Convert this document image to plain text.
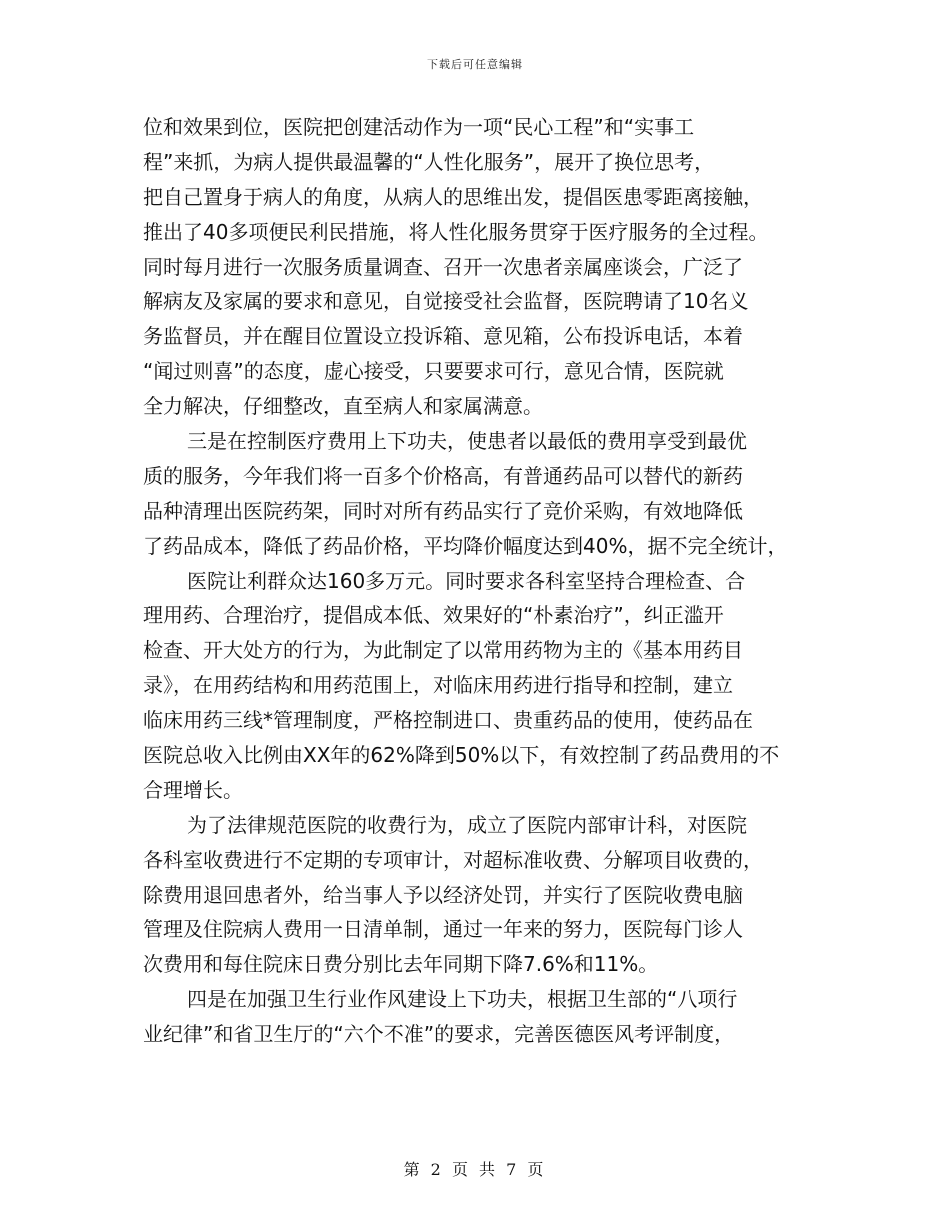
下载后可任意编辑
位和效果到位，医院把创建活动作为一项“民心工程”和“实事工
程”来抓，为病人提供最温馨的“人性化服务”，展开了换位思考，
把自己置身于病人的角度，从病人的思维出发，提倡医患零距离接触，
推出了40多项便民利民措施，将人性化服务贯穿于医疗服务的全过程。
同时每月进行一次服务质量调查、召开一次患者亲属座谈会，广泛了
解病友及家属的要求和意见，自觉接受社会监督，医院聘请了10名义
务监督员，并在醒目位置设立投诉箱、意见箱，公布投诉电话，本着
“闻过则喜”的态度，虚心接受，只要要求可行，意见合情，医院就
全力解决，仔细整改，直至病人和家属满意。
三是在控制医疗费用上下功夫，使患者以最低的费用享受到最优
质的服务，今年我们将一百多个价格高，有普通药品可以替代的新药
品种清理出医院药架，同时对所有药品实行了竞价采购，有效地降低
了药品成本，降低了药品价格，平均降价幅度达到40%，据不完全统计，
医院让利群众达160多万元。同时要求各科室坚持合理检查、合
理用药、合理治疗，提倡成本低、效果好的“朴素治疗”，纠正滥开
检查、开大处方的行为，为此制定了以常用药物为主的《基本用药目
录》，在用药结构和用药范围上，对临床用药进行指导和控制，建立
临床用药三线*管理制度，严格控制进口、贵重药品的使用，使药品在
医院总收入比例由XX年的62%降到50%以下，有效控制了药品费用的不
合理增长。
为了法律规范医院的收费行为，成立了医院内部审计科，对医院
各科室收费进行不定期的专项审计，对超标准收费、分解项目收费的，
除费用退回患者外，给当事人予以经济处罚，并实行了医院收费电脑
管理及住院病人费用一日清单制，通过一年来的努力，医院每门诊人
次费用和每住院床日费分别比去年同期下降7.6%和11%。
四是在加强卫生行业作风建设上下功夫，根据卫生部的“八项行
业纪律”和省卫生厅的“六个不准”的要求，完善医德医风考评制度，
第 2 页 共 7 页
